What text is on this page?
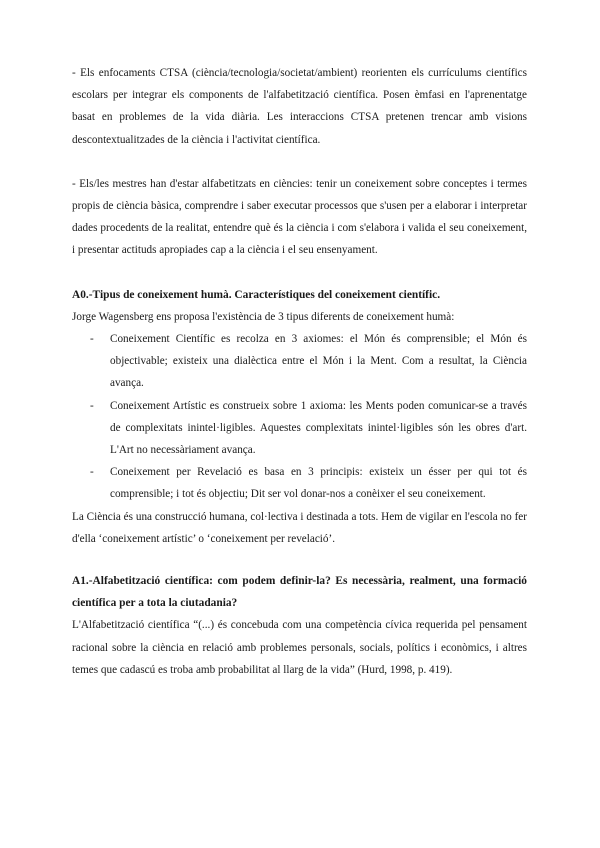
- Els enfocaments CTSA (ciència/tecnologia/societat/ambient) reorienten els currículums científics escolars per integrar els components de l'alfabetització científica. Posen èmfasi en l'aprenentatge basat en problemes de la vida diària. Les interaccions CTSA pretenen trencar amb visions descontextualitzades de la ciència i l'activitat científica.

- Els/les mestres han d'estar alfabetitzats en ciències: tenir un coneixement sobre conceptes i termes propis de ciència bàsica, comprendre i saber executar processos que s'usen per a elaborar i interpretar dades procedents de la realitat, entendre què és la ciència i com s'elabora i valida el seu coneixement, i presentar actituds apropiades cap a la ciència i el seu ensenyament.

A0.-Tipus de coneixement humà. Característiques del coneixement científic.

Jorge Wagensberg ens proposa l'existència de 3 tipus diferents de coneixement humà:

- Coneixement Científic es recolza en 3 axiomes: el Món és comprensible; el Món és objectivable; existeix una dialèctica entre el Món i la Ment. Com a resultat, la Ciència avança.
- Coneixement Artístic es construeix sobre 1 axioma: les Ments poden comunicar-se a través de complexitats inintel·ligibles. Aquestes complexitats inintel·ligibles són les obres d'art. L'Art no necessàriament avança.
- Coneixement per Revelació es basa en 3 principis: existeix un ésser per qui tot és comprensible; i tot és objectiu; Dit ser vol donar-nos a conèixer el seu coneixement.

La Ciència és una construcció humana, col·lectiva i destinada a tots. Hem de vigilar en l'escola no fer d'ella ‘coneixement artístic’ o ‘coneixement per revelació’.

A1.-Alfabetització científica: com podem definir-la? Es necessària, realment, una formació científica per a tota la ciutadania?

L'Alfabetització científica “(...) és concebuda com una competència cívica requerida pel pensament racional sobre la ciència en relació amb problemes personals, socials, polítics i econòmics, i altres temes que cadascú es troba amb probabilitat al llarg de la vida” (Hurd, 1998, p. 419).
